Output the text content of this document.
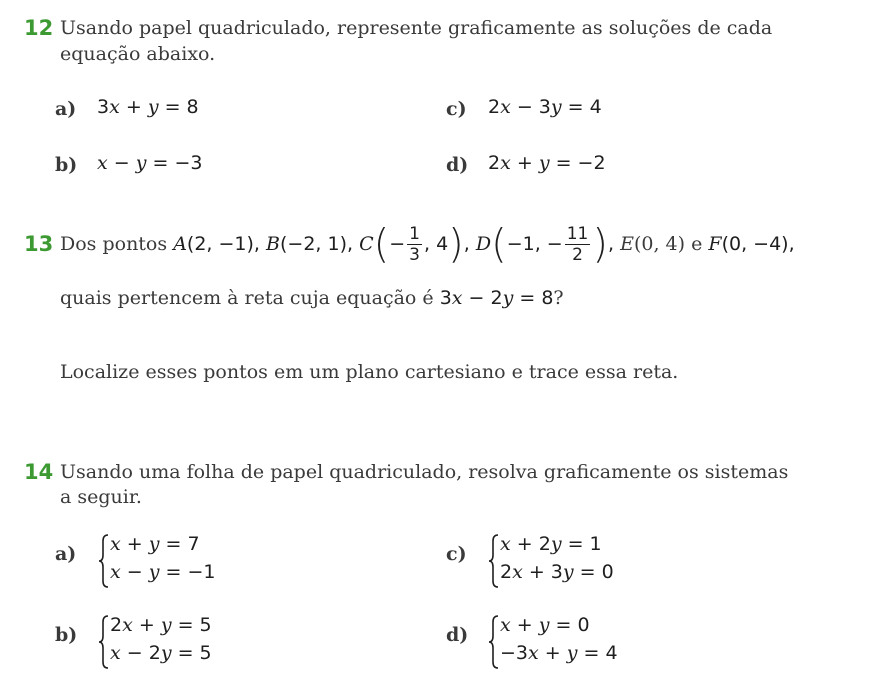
12 Usando papel quadriculado, represente graficamente as soluções de cada
equação abaixo.
a) 3x + y = 8	c) 2x − 3y = 4
b) x − y = −3	d) 2x + y = −2
13 Dos pontos A(2, −1), B(−2, 1), $C(- \frac{1}{3}$ , 4), D(−1, − $\frac{11}{2}$ ), E(0, 4) e F(0, −4),
quais pertencem à reta cuja equação é 3x − 2y = 8?
Localize esses pontos em um plano cartesiano e trace essa reta.
14 Usando uma folha de papel quadriculado, resolva graficamente os sistemas
a seguir.
a) x + y = 7
x − y = −1
c) x + 2y = 1
2x + 3y = 0
b) 2x + y = 5
x − 2y = 5
d) x + y = 0
−3x + y = 4
